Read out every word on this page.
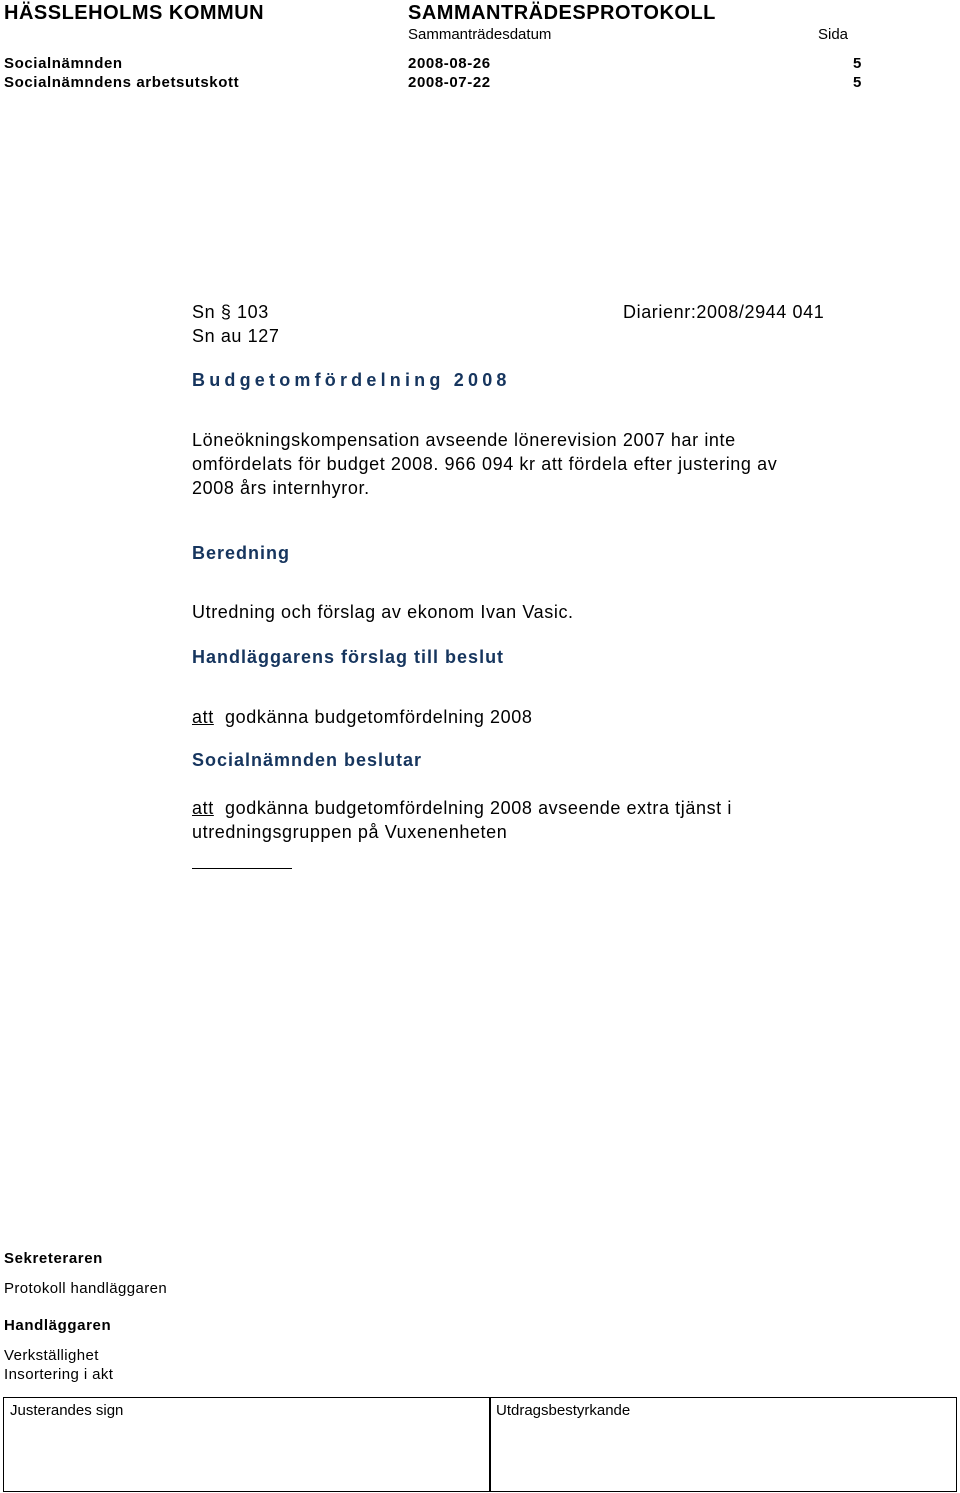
HÄSSLEHOLMS KOMMUN	SAMMANTRÄDESPROTOKOLL
Sammanträdesdatum	Sida
Socialnämnden	2008-08-26	5
Socialnämndens arbetsutskott	2008-07-22	5
Sn § 103	Diarienr:2008/2944 041
Sn au 127
Budgetomfördelning 2008
Löneökningskompensation avseende lönerevision 2007 har inte
omfördelats för budget 2008. 966 094 kr att fördela efter justering av
2008 års internhyror.
Beredning
Utredning och förslag av ekonom Ivan Vasic.
Handläggarens förslag till beslut
att godkänna budgetomfördelning 2008
Socialnämnden beslutar
att godkänna budgetomfördelning 2008 avseende extra tjänst i
utredningsgruppen på Vuxenenheten
Sekreteraren
Protokoll handläggaren
Handläggaren
Verkställighet
Insortering i akt
Justerandes sign	Utdragsbestyrkande
